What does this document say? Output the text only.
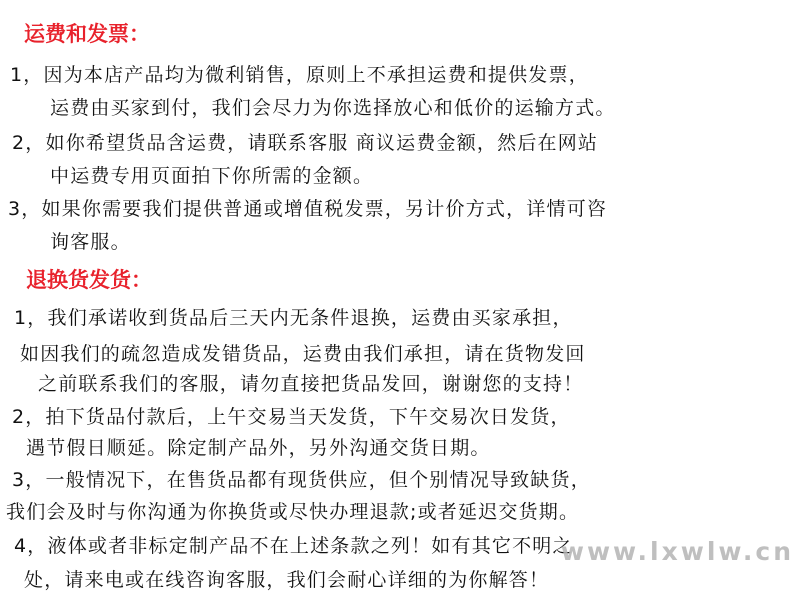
运费和发票：
1，因为本店产品均为微利销售，原则上不承担运费和提供发票，
运费由买家到付，我们会尽力为你选择放心和低价的运输方式。
2，如你希望货品含运费，请联系客服 商议运费金额，然后在网站
中运费专用页面拍下你所需的金额。
3，如果你需要我们提供普通或增值税发票，另计价方式，详情可咨
询客服。
退换货发货：
1，我们承诺收到货品后三天内无条件退换，运费由买家承担，
如因我们的疏忽造成发错货品，运费由我们承担，请在货物发回
之前联系我们的客服，请勿直接把货品发回，谢谢您的支持！
2，拍下货品付款后，上午交易当天发货，下午交易次日发货，
遇节假日顺延。除定制产品外，另外沟通交货日期。
3，一般情况下，在售货品都有现货供应，但个别情况导致缺货，
我们会及时与你沟通为你换货或尽快办理退款;或者延迟交货期。
4，液体或者非标定制产品不在上述条款之列！如有其它不明之
处，请来电或在线咨询客服，我们会耐心详细的为你解答！
www.lxwlw.cn
